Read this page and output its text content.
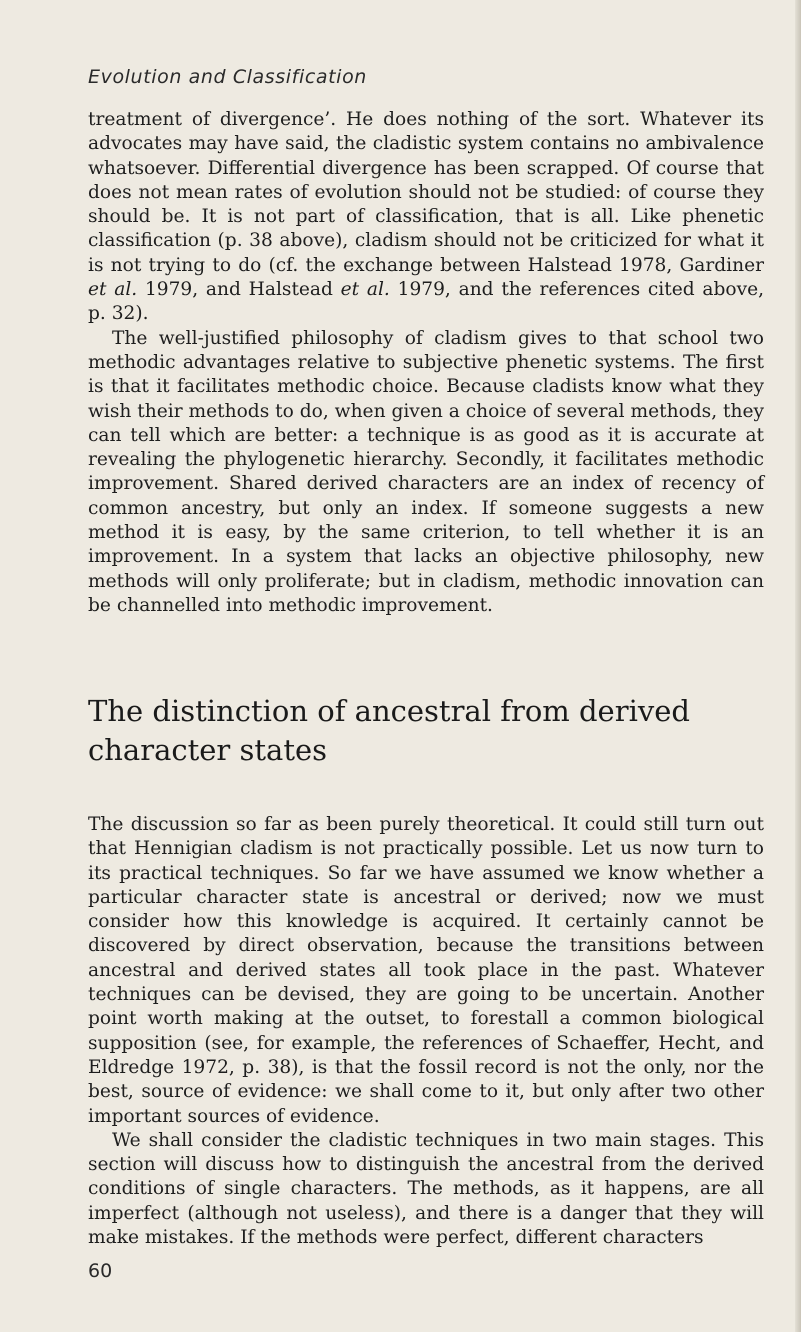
Evolution and Classification

treatment of divergence’. He does nothing of the sort. Whatever its advocates may have said, the cladistic system contains no ambivalence whatsoever. Differential divergence has been scrapped. Of course that does not mean rates of evolution should not be studied: of course they should be. It is not part of classification, that is all. Like phenetic classification (p. 38 above), cladism should not be criticized for what it is not trying to do (cf. the exchange between Halstead 1978, Gardiner et al. 1979, and Halstead et al. 1979, and the references cited above, p. 32).

The well-justified philosophy of cladism gives to that school two methodic advantages relative to subjective phenetic systems. The first is that it facilitates methodic choice. Because cladists know what they wish their methods to do, when given a choice of several methods, they can tell which are better: a technique is as good as it is accurate at revealing the phylogenetic hierarchy. Secondly, it facilitates methodic improvement. Shared derived characters are an index of recency of common ancestry, but only an index. If someone suggests a new method it is easy, by the same criterion, to tell whether it is an improvement. In a system that lacks an objective philosophy, new methods will only proliferate; but in cladism, methodic innovation can be channelled into methodic improvement.

The distinction of ancestral from derived character states

The discussion so far as been purely theoretical. It could still turn out that Hennigian cladism is not practically possible. Let us now turn to its practical techniques. So far we have assumed we know whether a particular character state is ancestral or derived; now we must consider how this knowledge is acquired. It certainly cannot be discovered by direct observation, because the transitions between ancestral and derived states all took place in the past. Whatever techniques can be devised, they are going to be uncertain. Another point worth making at the outset, to forestall a common biological supposition (see, for example, the references of Schaeffer, Hecht, and Eldredge 1972, p. 38), is that the fossil record is not the only, nor the best, source of evidence: we shall come to it, but only after two other important sources of evidence.

We shall consider the cladistic techniques in two main stages. This section will discuss how to distinguish the ancestral from the derived conditions of single characters. The methods, as it happens, are all imperfect (although not useless), and there is a danger that they will make mistakes. If the methods were perfect, different characters

60
